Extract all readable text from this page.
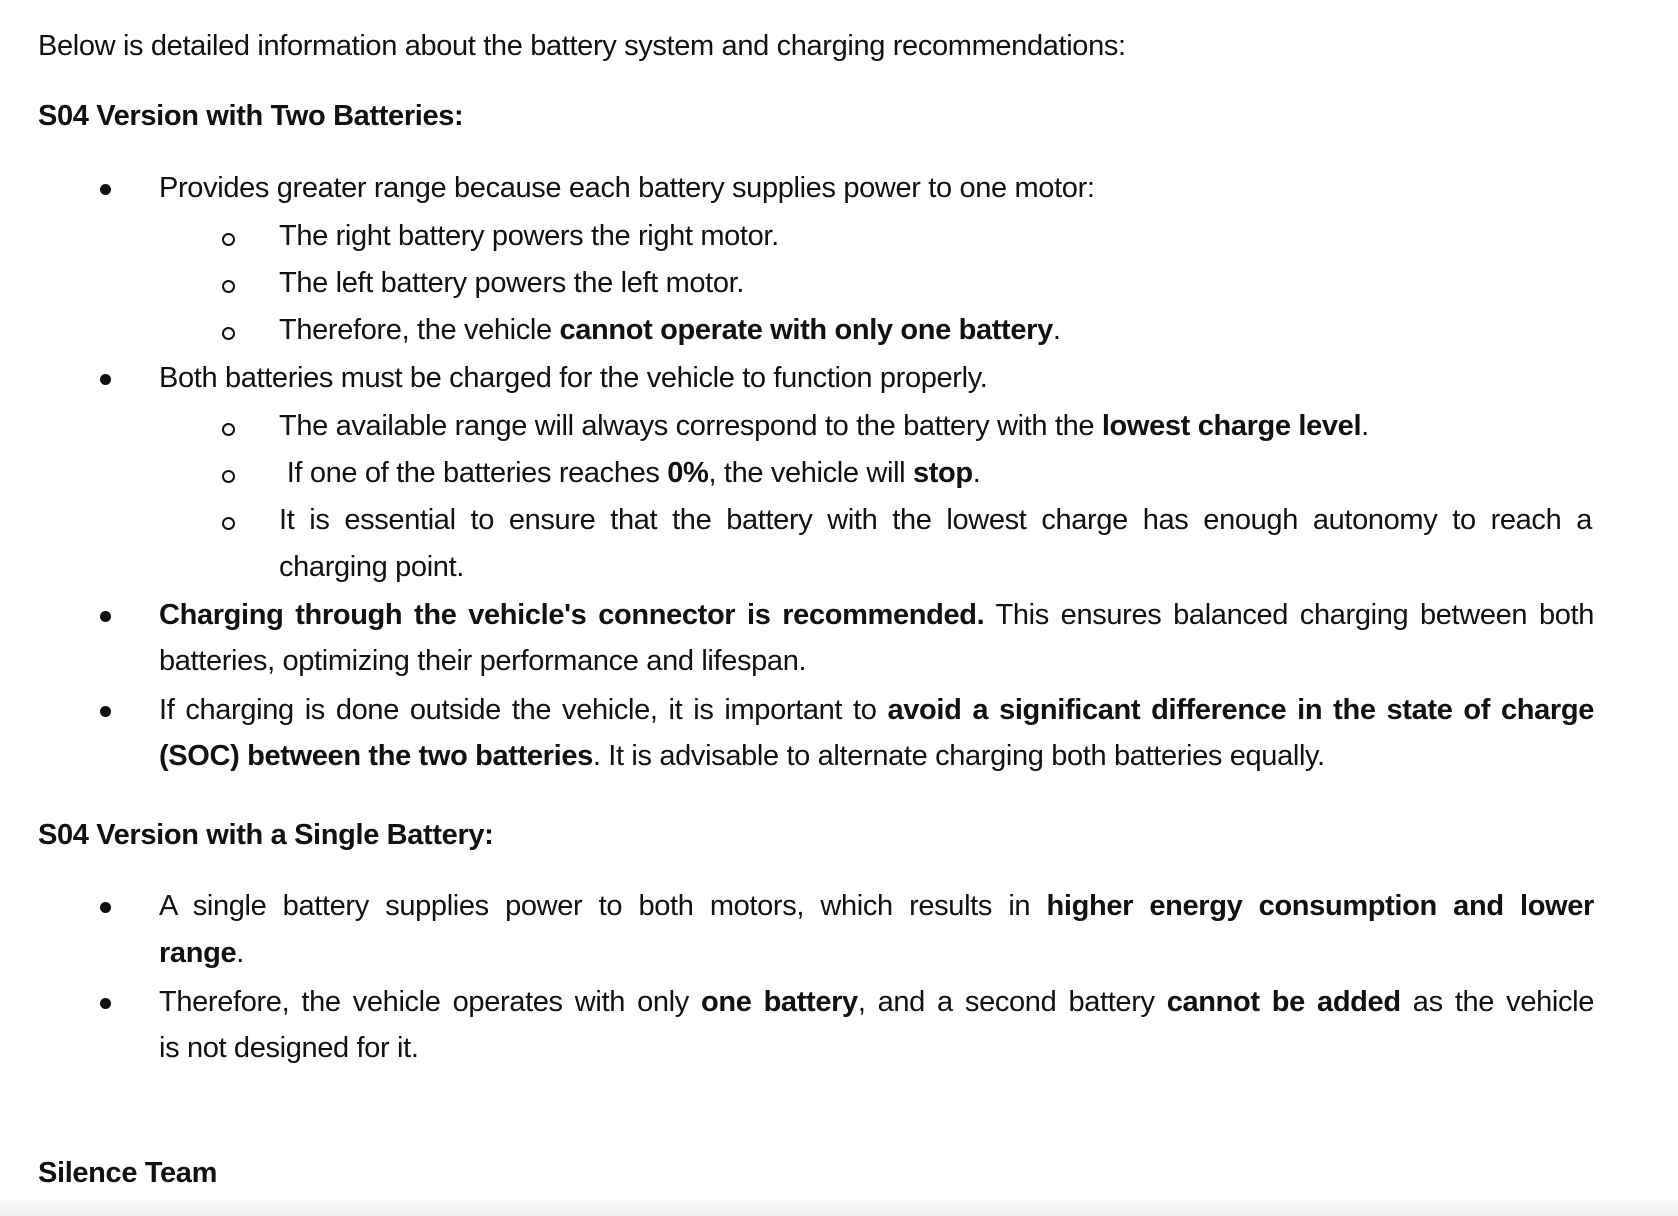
Below is detailed information about the battery system and charging recommendations:
S04 Version with Two Batteries:
Provides greater range because each battery supplies power to one motor:
The right battery powers the right motor.
The left battery powers the left motor.
Therefore, the vehicle cannot operate with only one battery.
Both batteries must be charged for the vehicle to function properly.
The available range will always correspond to the battery with the lowest charge level.
If one of the batteries reaches 0%, the vehicle will stop.
It is essential to ensure that the battery with the lowest charge has enough autonomy to reach a
charging point.
Charging through the vehicle's connector is recommended. This ensures balanced charging between both
batteries, optimizing their performance and lifespan.
If charging is done outside the vehicle, it is important to avoid a significant difference in the state of charge
(SOC) between the two batteries. It is advisable to alternate charging both batteries equally.
S04 Version with a Single Battery:
A single battery supplies power to both motors, which results in higher energy consumption and lower
range.
Therefore, the vehicle operates with only one battery, and a second battery cannot be added as the vehicle
is not designed for it.
Silence Team
